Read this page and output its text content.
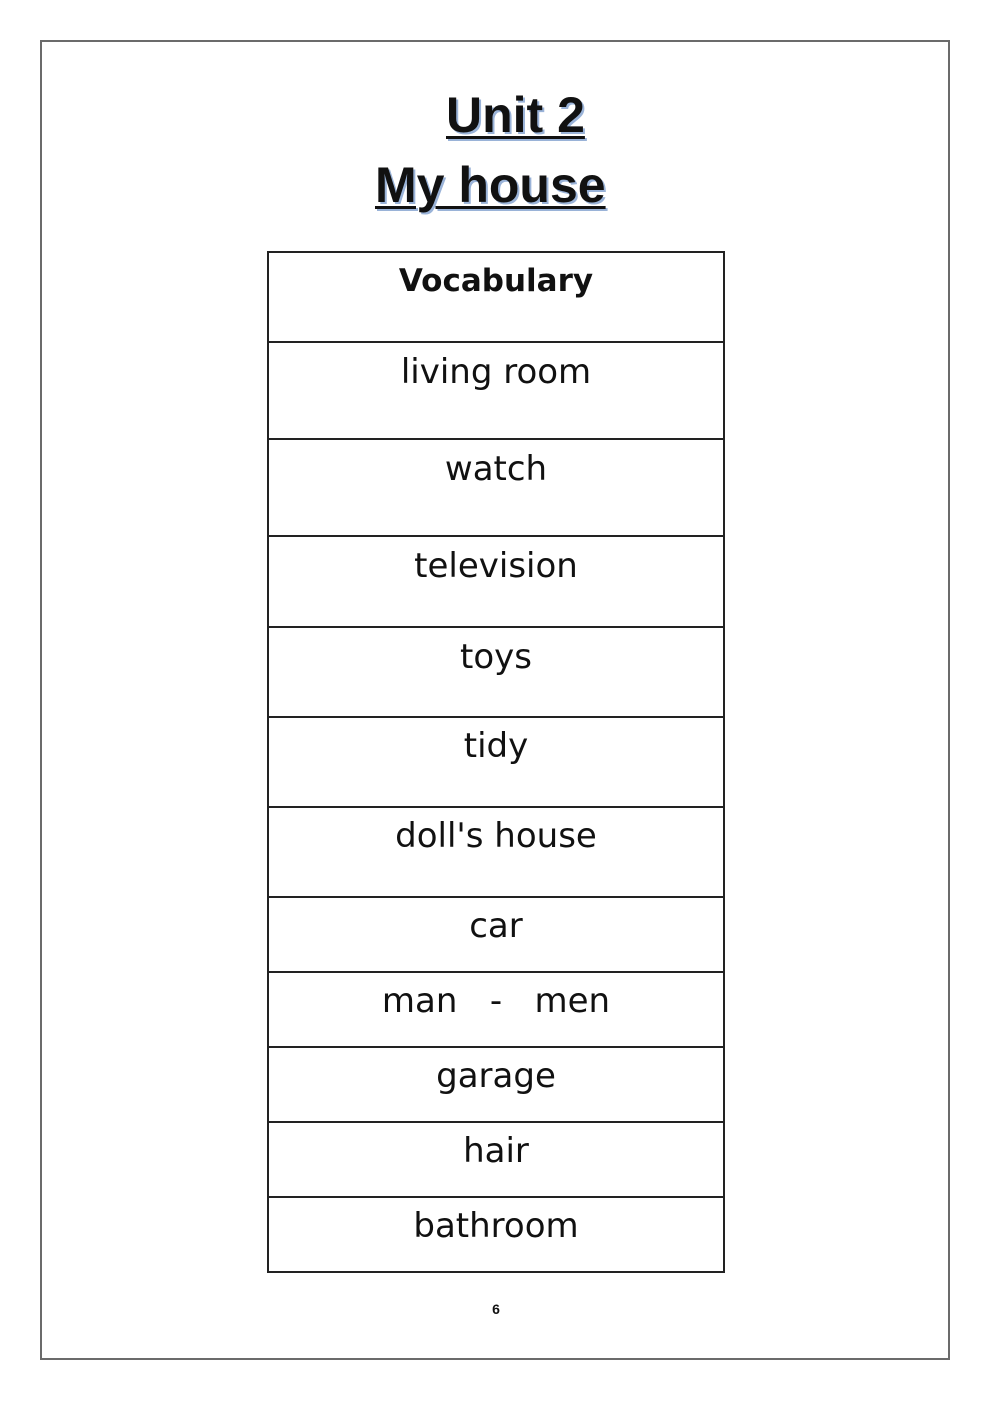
Unit 2
My house
Vocabulary
living room
watch
television
toys
tidy
doll's house
car
man   -   men
garage
hair
bathroom
6
